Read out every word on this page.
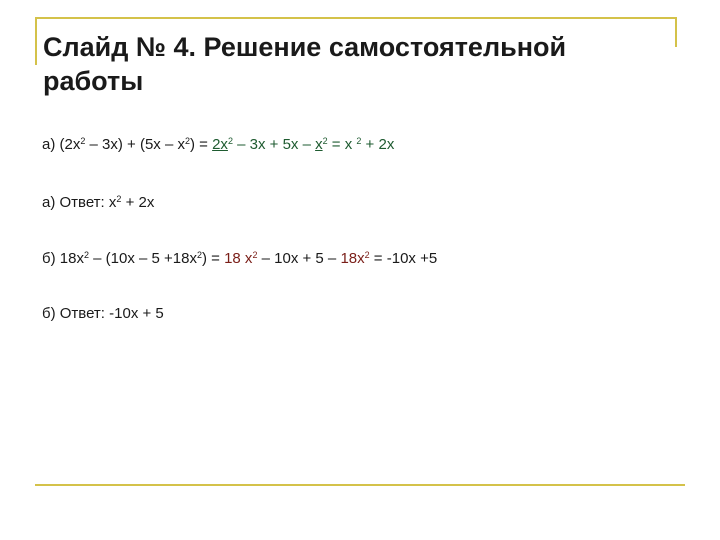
Слайд № 4. Решение самостоятельной работы
а) $(2х^2 - 3х) + (5х - х^2) = 2х^2 - 3х + 5х - х^2 = х$ $^2$ + 2х
а) Ответ: $х^2 + 2х$
б) $18х^2 - (10х - 5 +18х^2) = 18$ $х^2 - 10х + 5 - 18х^2 = -10х +5$
б) Ответ: -10х + 5
